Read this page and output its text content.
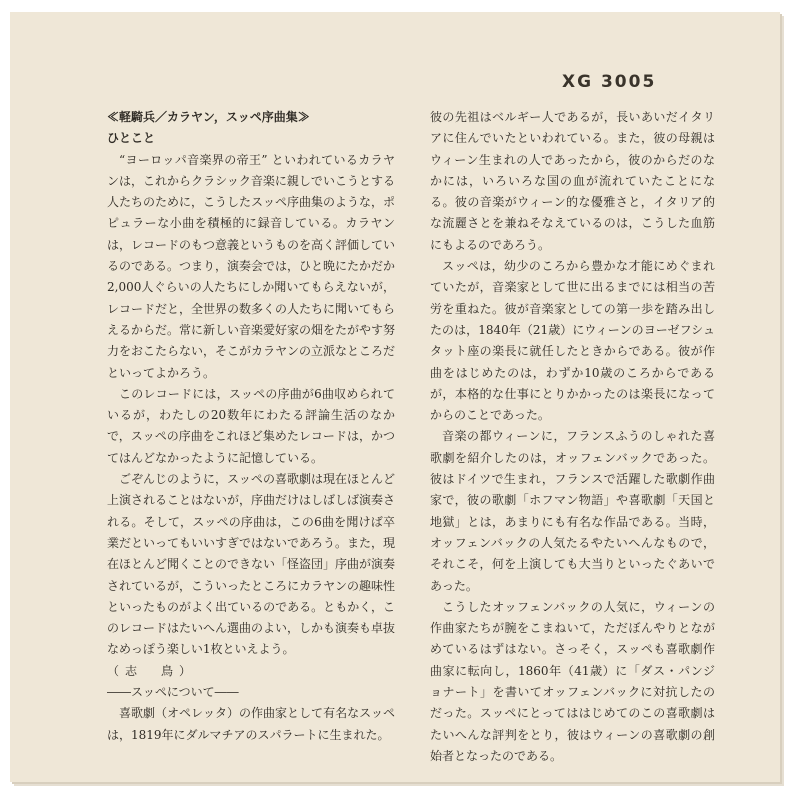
XG 3005

≪軽騎兵／カラヤン，スッペ序曲集≫

ひとこと

“ヨーロッパ音楽界の帝王” といわれているカラヤンは，これからクラシック音楽に親しでいこうとする人たちのために，こうしたスッペ序曲集のような，ポピュラーな小曲を積極的に録音している。カラヤンは，レコードのもつ意義というものを高く評価しているのである。つまり，演奏会では，ひと晩にたかだか2,000人ぐらいの人たちにしか聞いてもらえないが，レコードだと，全世界の数多くの人たちに聞いてもらえるからだ。常に新しい音楽愛好家の畑をたがやす努力をおこたらない，そこがカラヤンの立派なところだといってよかろう。

このレコードには，スッペの序曲が6曲収められているが，わたしの20数年にわたる評論生活のなかで，スッペの序曲をこれほど集めたレコードは，かつてはんどなかったように記憶している。

ごぞんじのように，スッペの喜歌劇は現在ほとんど上演されることはないが，序曲だけはしばしば演奏される。そして，スッペの序曲は，この6曲を聞けば卒業だといってもいいすぎではないであろう。また，現在ほとんど聞くことのできない「怪盗団」序曲が演奏されているが，こういったところにカラヤンの趣味性といったものがよく出ているのである。ともかく，このレコードはたいへん選曲のよい，しかも演奏も卓抜なめっぽう楽しい1枚といえよう。

（志　鳥）

――スッペについて――

喜歌劇（オペレッタ）の作曲家として有名なスッペは，1819年にダルマチアのスパラートに生まれた。

彼の先祖はベルギー人であるが，長いあいだイタリアに住んでいたといわれている。また，彼の母親はウィーン生まれの人であったから，彼のからだのなかには，いろいろな国の血が流れていたことになる。彼の音楽がウィーン的な優雅さと，イタリア的な流麗さとを兼ねそなえているのは，こうした血筋にもよるのであろう。

スッペは，幼少のころから豊かな才能にめぐまれていたが，音楽家として世に出るまでには相当の苦労を重ねた。彼が音楽家としての第一歩を踏み出したのは，1840年（21歳）にウィーンのヨーゼフシュタット座の楽長に就任したときからである。彼が作曲をはじめたのは，わずか10歳のころからであるが，本格的な仕事にとりかかったのは楽長になってからのことであった。

音楽の都ウィーンに，フランスふうのしゃれた喜歌劇を紹介したのは，オッフェンバックであった。彼はドイツで生まれ，フランスで活躍した歌劇作曲家で，彼の歌劇「ホフマン物語」や喜歌劇「天国と地獄」とは，あまりにも有名な作品である。当時，オッフェンバックの人気たるやたいへんなもので，それこそ，何を上演しても大当りといったぐあいであった。

こうしたオッフェンバックの人気に，ウィーンの作曲家たちが腕をこまねいて，ただぼんやりとながめているはずはない。さっそく，スッペも喜歌劇作曲家に転向し，1860年（41歳）に「ダス・パンジョナート」を書いてオッフェンバックに対抗したのだった。スッペにとってははじめてのこの喜歌劇はたいへんな評判をとり，彼はウィーンの喜歌劇の創始者となったのである。
